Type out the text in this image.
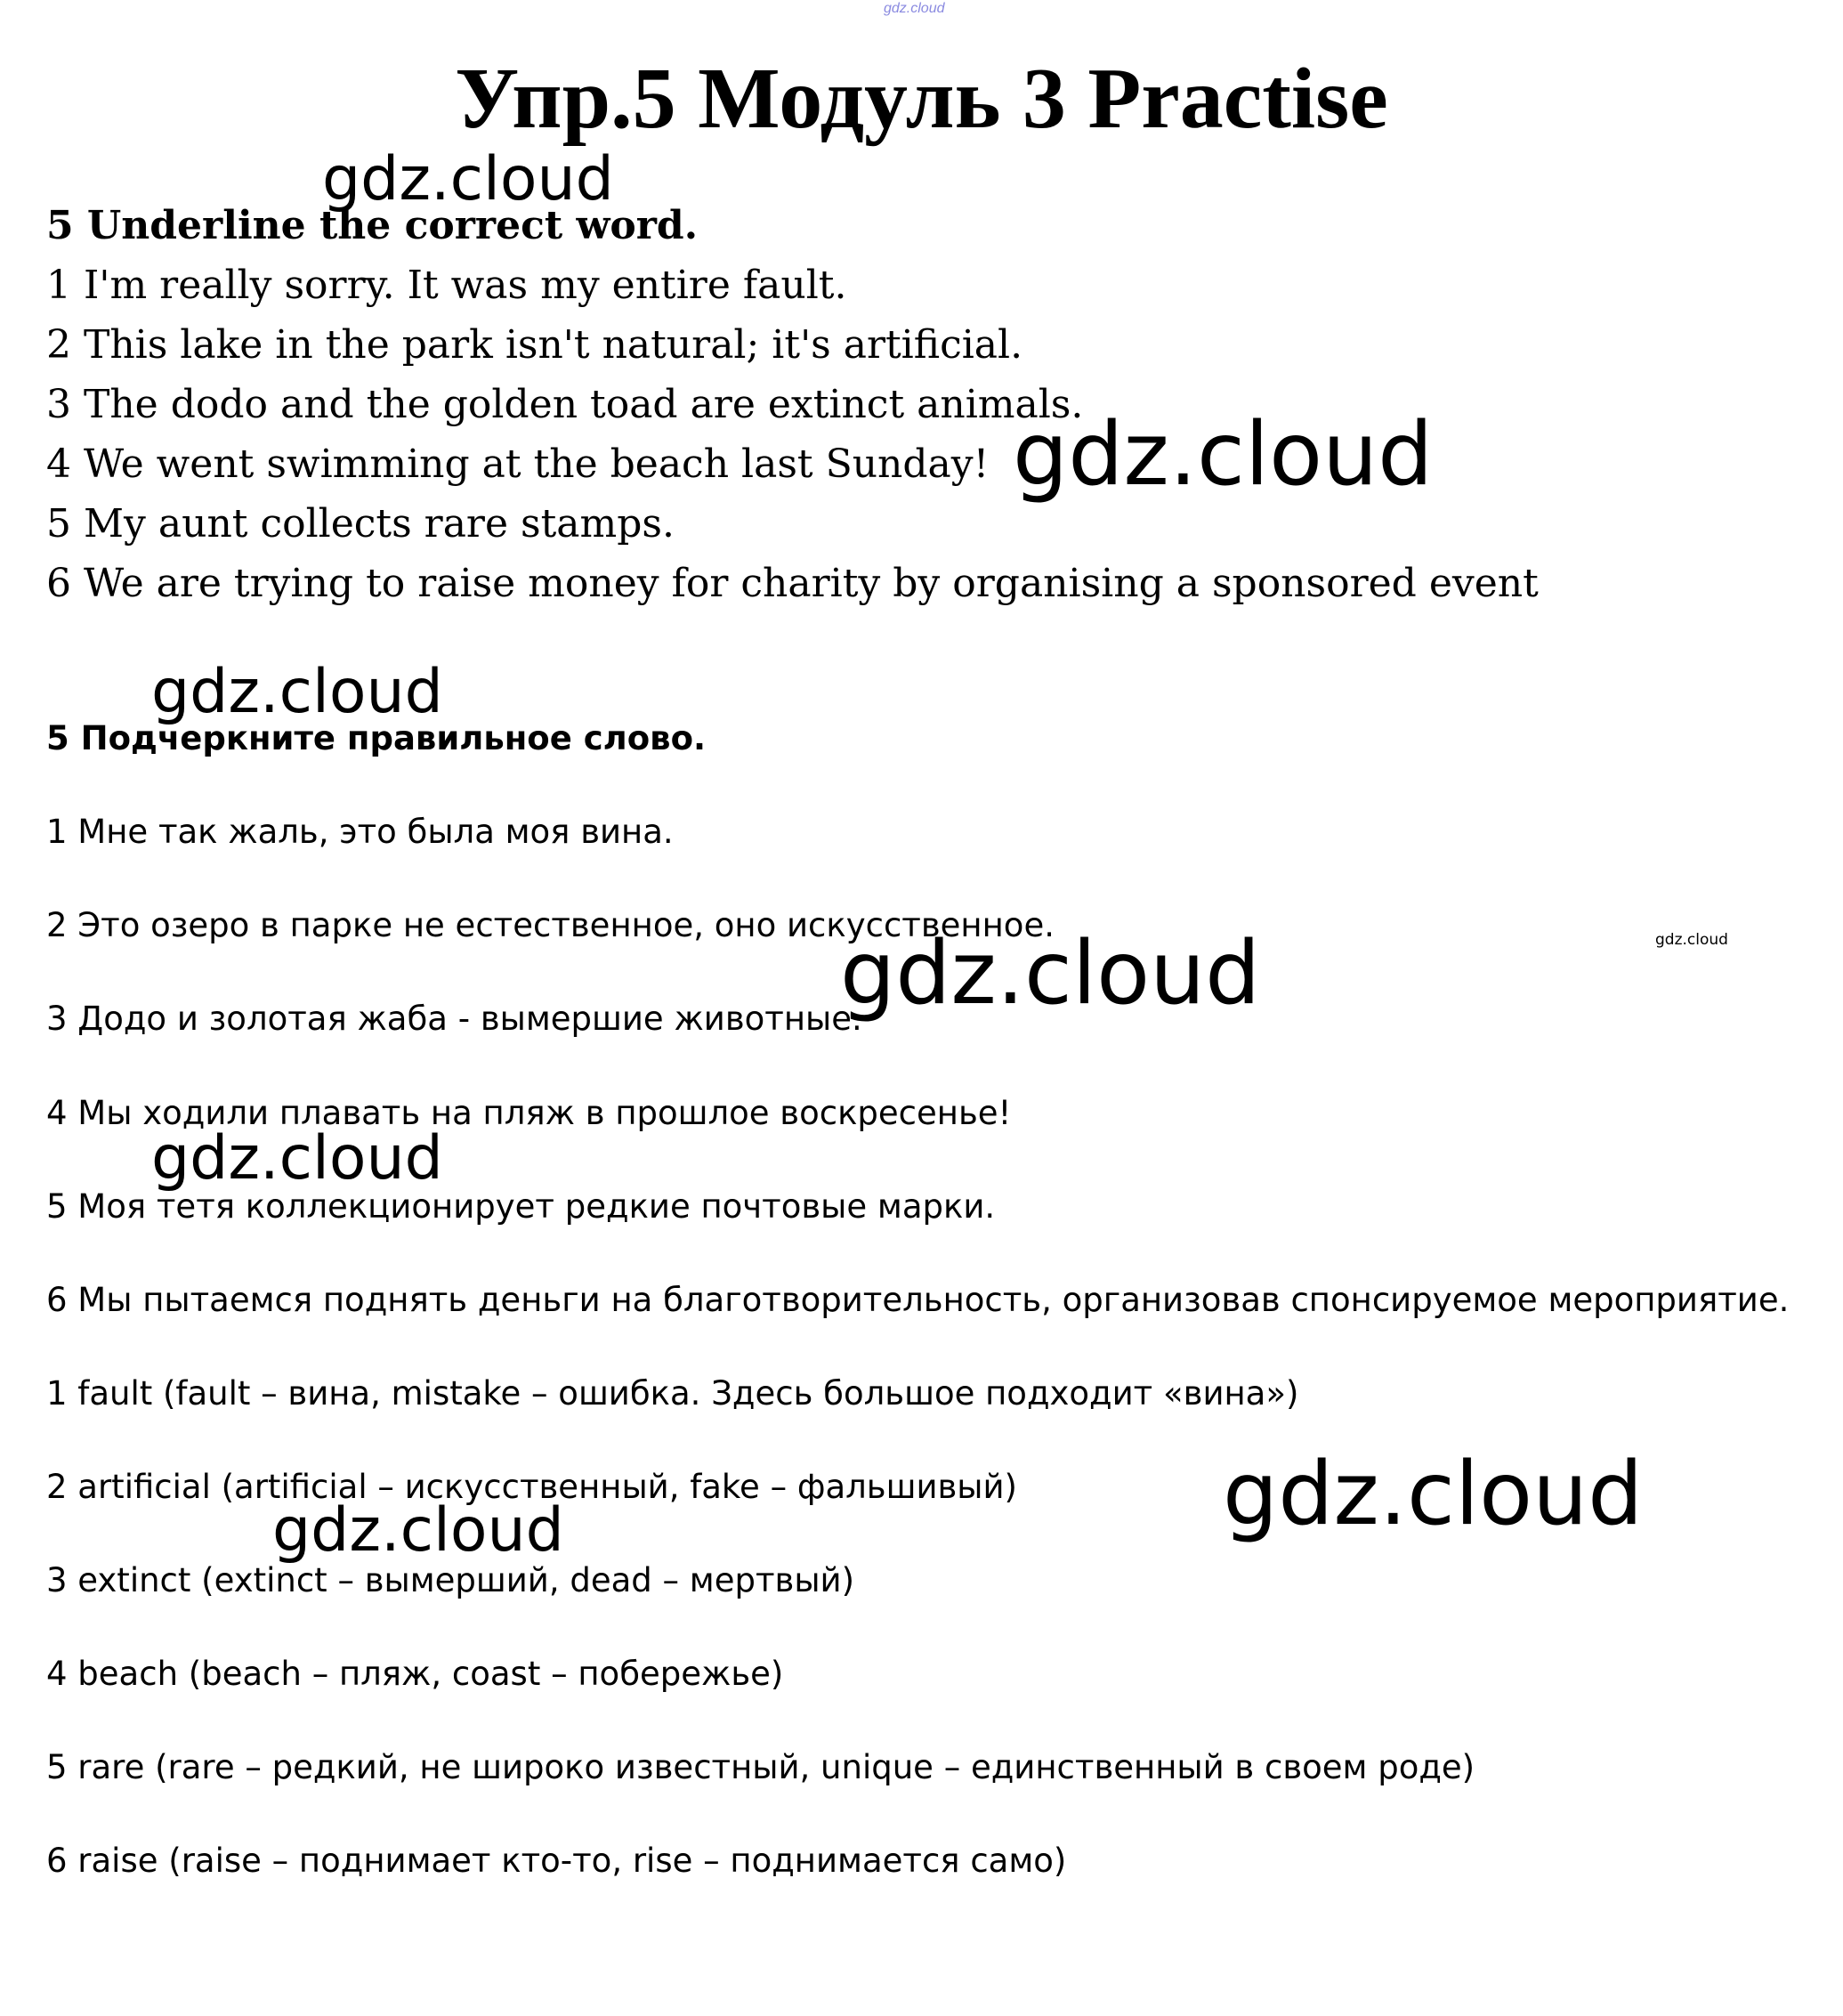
gdz.cloud
Упр.5 Модуль 3 Practise
5 Underline the correct word.
1 I'm really sorry. It was my entire fault.
2 This lake in the park isn't natural; it's artificial.
3 The dodo and the golden toad are extinct animals.
4 We went swimming at the beach last Sunday!
5 My aunt collects rare stamps.
6 We are trying to raise money for charity by organising a sponsored event
5 Подчеркните правильное слово.
1 Мне так жаль, это была моя вина.
2 Это озеро в парке не естественное, оно искусственное.
3 Додо и золотая жаба - вымершие животные.
4 Мы ходили плавать на пляж в прошлое воскресенье!
5 Моя тетя коллекционирует редкие почтовые марки.
6 Мы пытаемся поднять деньги на благотворительность, организовав спонсируемое мероприятие.
1 fault (fault – вина, mistake – ошибка. Здесь большое подходит «вина»)
2 artificial (artificial – искусственный, fake – фальшивый)
3 extinct (extinct – вымерший, dead – мертвый)
4 beach (beach – пляж, coast – побережье)
5 rare (rare – редкий, не широко известный, unique – единственный в своем роде)
6 raise (raise – поднимает кто-то, rise – поднимается само)
gdz.cloud
gdz.cloud
gdz.cloud
gdz.cloud
gdz.cloud
gdz.cloud
gdz.cloud
gdz.cloud
